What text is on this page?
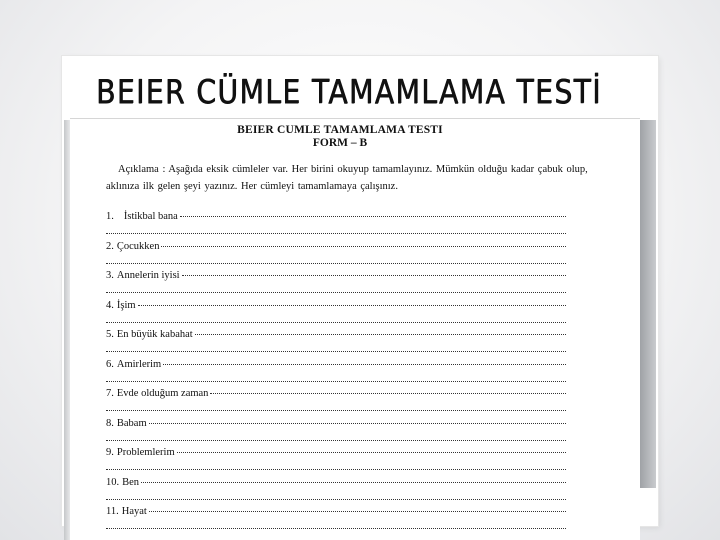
BEIER CÜMLE TAMAMLAMA TESTİ
BEIER CUMLE TAMAMLAMA TESTI
FORM – B
Açıklama : Aşağıda eksik cümleler var. Her birini okuyup tamamlayınız. Mümkün olduğu kadar çabuk olup, aklınıza ilk gelen şeyi yazınız. Her cümleyi tamamlamaya çalışınız.
1. İstikbal bana
2. Çocukken
3. Annelerin iyisi
4. İşim
5. En büyük kabahat
6. Amirlerim
7. Evde olduğum zaman
8. Babam
9. Problemlerim
10. Ben
11. Hayat
